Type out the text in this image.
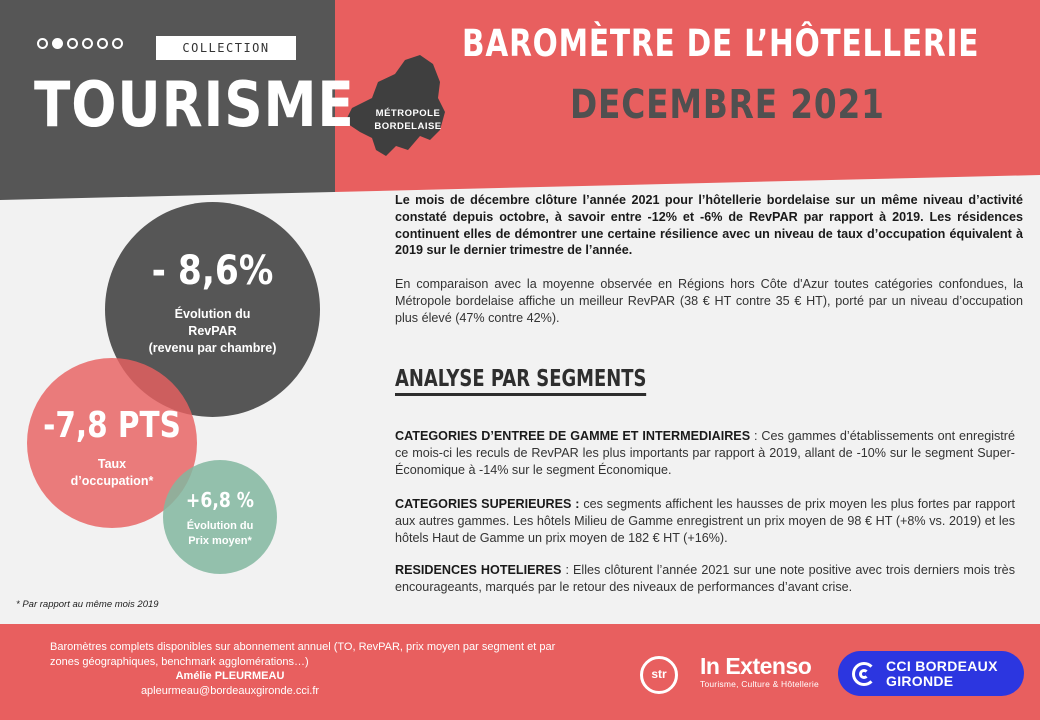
COLLECTION
TOURISME	MÉTROPOLE
BORDELAISE
BAROMÈTRE DE L’HÔTELLERIE
DECEMBRE 2021
Le mois de décembre clôture l’année 2021 pour l’hôtellerie bordelaise sur un même niveau d’activité constaté depuis octobre, à savoir entre -12% et -6% de RevPAR par rapport à 2019. Les résidences continuent elles de démontrer une certaine résilience avec un niveau de taux d’occupation équivalent à 2019 sur le dernier trimestre de l’année.
En comparaison avec la moyenne observée en Régions hors Côte d'Azur toutes catégories confondues, la Métropole bordelaise affiche un meilleur RevPAR (38 € HT contre 35 € HT), porté par un niveau d’occupation plus élevé (47% contre 42%).
ANALYSE PAR SEGMENTS
CATEGORIES D’ENTREE DE GAMME ET INTERMEDIAIRES : Ces gammes d’établissements ont enregistré ce mois-ci les reculs de RevPAR les plus importants par rapport à 2019, allant de -10% sur le segment Super-Économique à -14% sur le segment Économique.
CATEGORIES SUPERIEURES : ces segments affichent les hausses de prix moyen les plus fortes par rapport aux autres gammes. Les hôtels Milieu de Gamme enregistrent un prix moyen de 98 € HT (+8% vs. 2019) et les hôtels Haut de Gamme un prix moyen de 182 € HT (+16%).
RESIDENCES HOTELIERES : Elles clôturent l’année 2021 sur une note positive avec trois derniers mois très encourageants, marqués par le retour des niveaux de performances d’avant crise.
- 8,6%
Évolution du
RevPAR
(revenu par chambre)
-7,8 PTS
Taux
d’occupation*
+6,8 %
Évolution du
Prix moyen*
* Par rapport au même mois 2019
Baromètres complets disponibles sur abonnement annuel (TO, RevPAR, prix moyen par segment et par
zones géographiques, benchmark agglomérations…)
Amélie PLEURMEAU
apleurmeau@bordeauxgironde.cci.fr
str	In Extenso
Tourisme, Culture & Hôtellerie
CCI BORDEAUX
GIRONDE
